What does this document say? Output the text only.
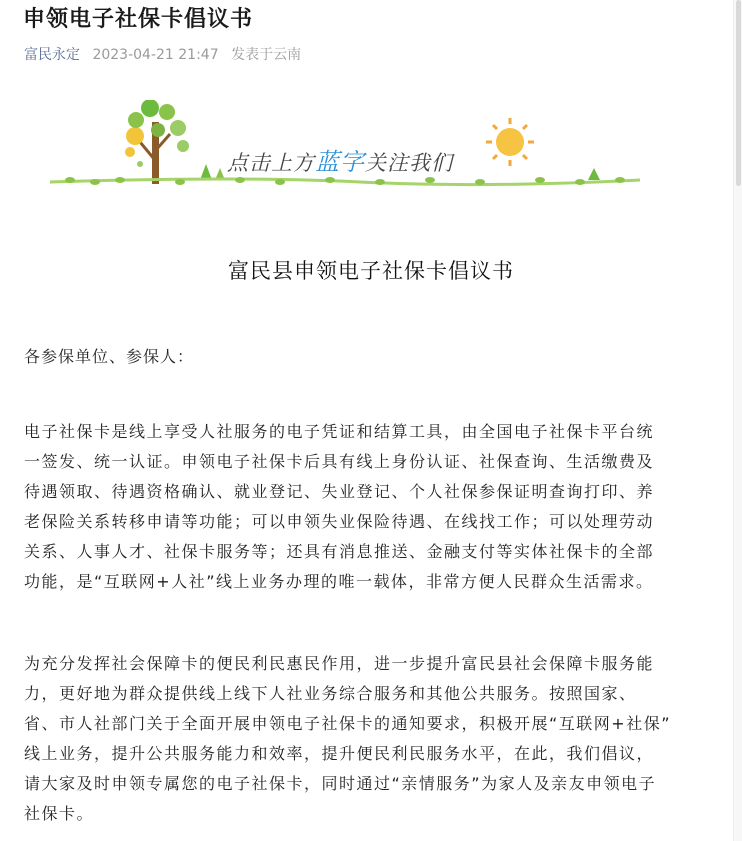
申领电子社保卡倡议书
富民永定 2023-04-21 21:47 发表于云南
点击上方蓝字关注我们
富民县申领电子社保卡倡议书
各参保单位、参保人：

电子社保卡是线上享受人社服务的电子凭证和结算工具，由全国电子社保卡平台统
一签发、统一认证。申领电子社保卡后具有线上身份认证、社保查询、生活缴费及
待遇领取、待遇资格确认、就业登记、失业登记、个人社保参保证明查询打印、养
老保险关系转移申请等功能；可以申领失业保险待遇、在线找工作；可以处理劳动
关系、人事人才、社保卡服务等；还具有消息推送、金融支付等实体社保卡的全部
功能，是“互联网+人社”线上业务办理的唯一载体，非常方便人民群众生活需求。

为充分发挥社会保障卡的便民利民惠民作用，进一步提升富民县社会保障卡服务能
力，更好地为群众提供线上线下人社业务综合服务和其他公共服务。按照国家、
省、市人社部门关于全面开展申领电子社保卡的通知要求，积极开展“互联网+社保”
线上业务，提升公共服务能力和效率，提升便民利民服务水平，在此，我们倡议，
请大家及时申领专属您的电子社保卡，同时通过“亲情服务”为家人及亲友申领电子
社保卡。
